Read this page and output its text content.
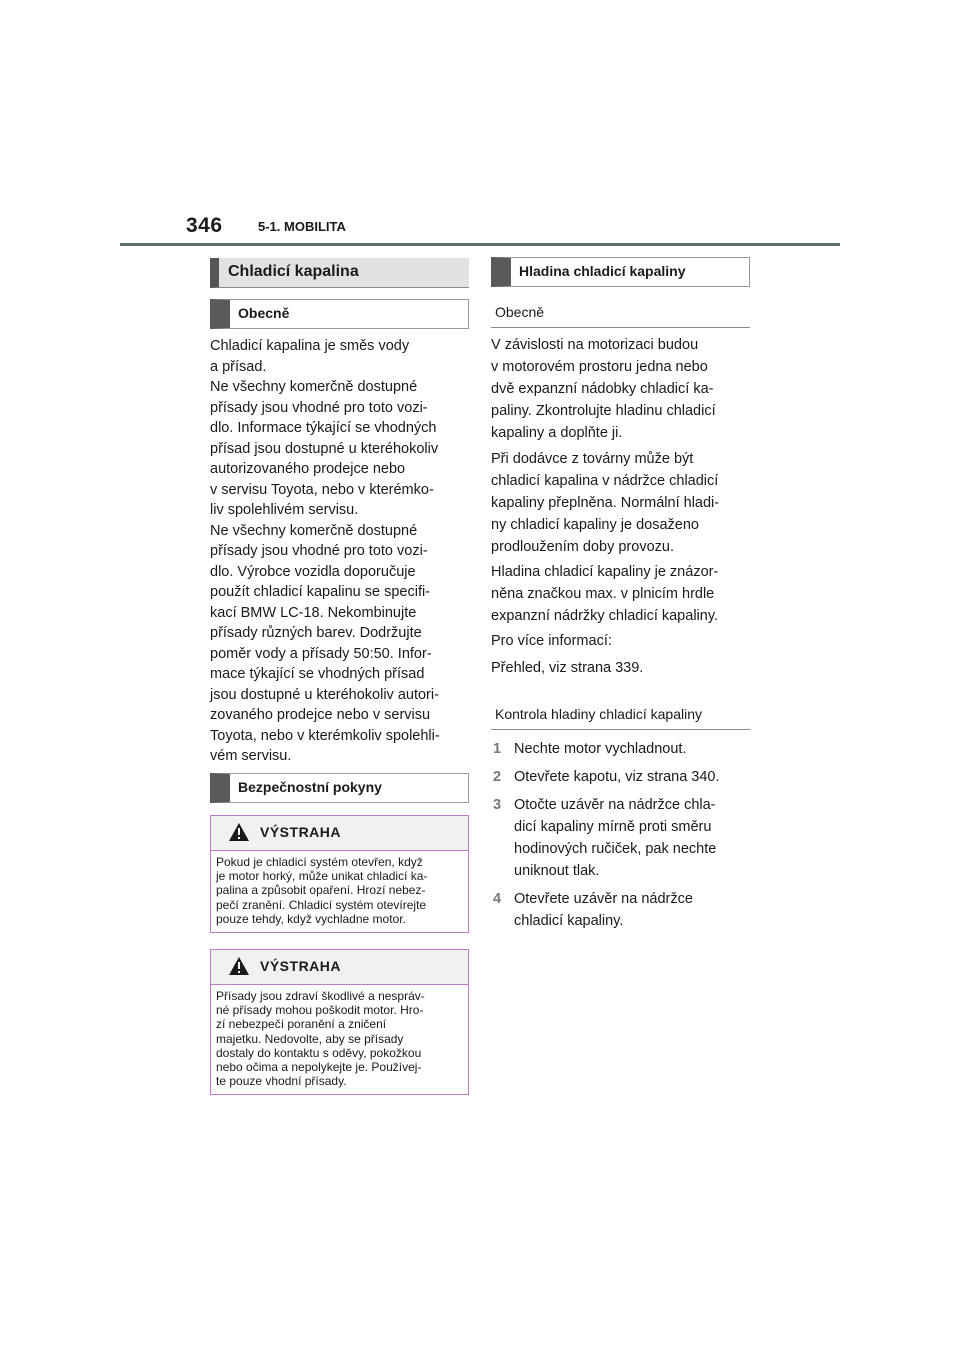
346	5-1. MOBILITA
Chladicí kapalina
Obecně
Chladicí kapalina je směs vody
a přísad.
Ne všechny komerčně dostupné
přísady jsou vhodné pro toto vozi-
dlo. Informace týkající se vhodných
přísad jsou dostupné u kteréhokoliv
autorizovaného prodejce nebo
v servisu Toyota, nebo v kterémko-
liv spolehlivém servisu.
Ne všechny komerčně dostupné
přísady jsou vhodné pro toto vozi-
dlo. Výrobce vozidla doporučuje
použít chladicí kapalinu se specifi-
kací BMW LC-18. Nekombinujte
přísady různých barev. Dodržujte
poměr vody a přísady 50:50. Infor-
mace týkající se vhodných přísad
jsou dostupné u kteréhokoliv autori-
zovaného prodejce nebo v servisu
Toyota, nebo v kterémkoliv spolehli-
vém servisu.
Bezpečnostní pokyny
VÝSTRAHA
Pokud je chladicí systém otevřen, když
je motor horký, může unikat chladicí ka-
palina a způsobit opaření. Hrozí nebez-
pečí zranění. Chladicí systém otevírejte
pouze tehdy, když vychladne motor.
VÝSTRAHA
Přísady jsou zdraví škodlivé a nespráv-
né přísady mohou poškodit motor. Hro-
zí nebezpečí poranění a zničení
majetku. Nedovolte, aby se přísady
dostaly do kontaktu s oděvy, pokožkou
nebo očima a nepolykejte je. Používej-
te pouze vhodní přísady.
Hladina chladicí kapaliny
Obecně
V závislosti na motorizaci budou
v motorovém prostoru jedna nebo
dvě expanzní nádobky chladicí ka-
paliny. Zkontrolujte hladinu chladicí
kapaliny a doplňte ji.
Při dodávce z továrny může být
chladicí kapalina v nádržce chladicí
kapaliny přeplněna. Normální hladi-
ny chladicí kapaliny je dosaženo
prodloužením doby provozu.
Hladina chladicí kapaliny je znázor-
něna značkou max. v plnicím hrdle
expanzní nádržky chladicí kapaliny.
Pro více informací:
Přehled, viz strana 339.
Kontrola hladiny chladicí kapaliny
1 Nechte motor vychladnout.
2 Otevřete kapotu, viz strana 340.
3 Otočte uzávěr na nádržce chla-
dicí kapaliny mírně proti směru
hodinových ručiček, pak nechte
uniknout tlak.
4 Otevřete uzávěr na nádržce
chladicí kapaliny.
